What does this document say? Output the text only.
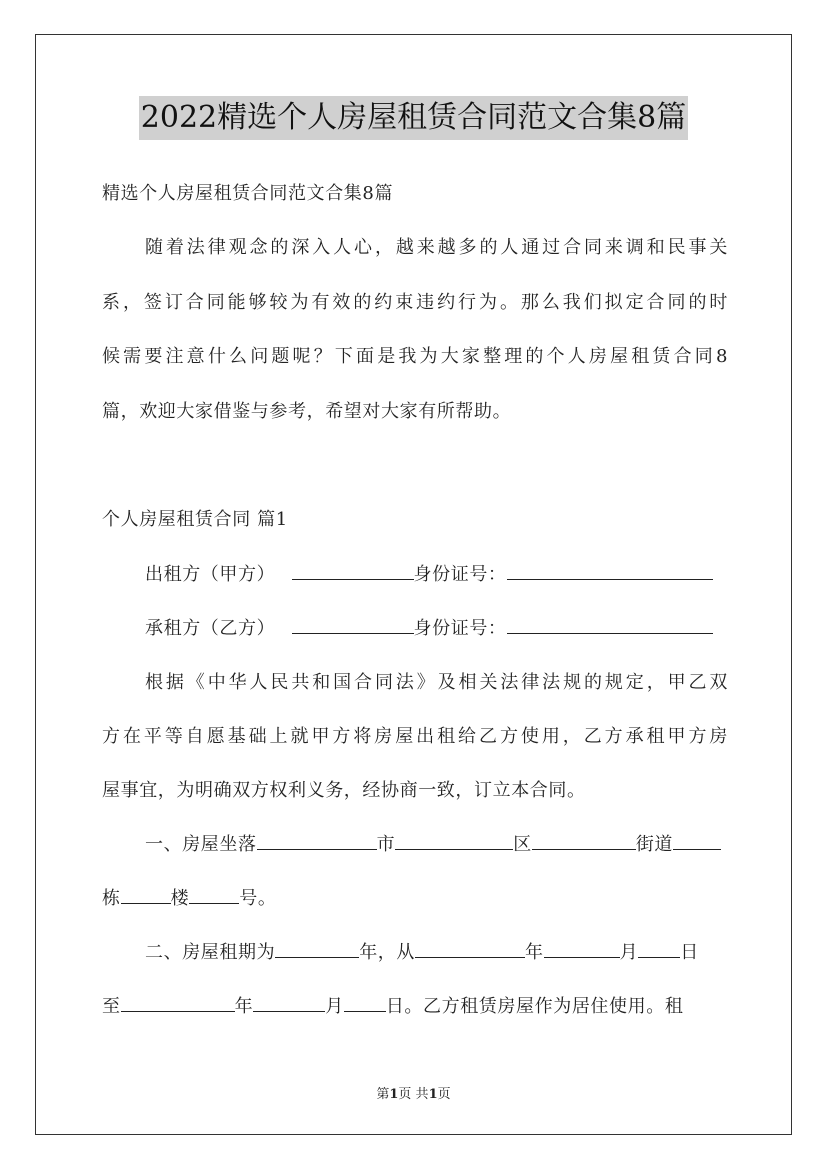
2022精选个人房屋租赁合同范文合集8篇
精选个人房屋租赁合同范文合集8篇
随着法律观念的深入人心，越来越多的人通过合同来调和民事关
系，签订合同能够较为有效的约束违约行为。那么我们拟定合同的时
候需要注意什么问题呢？下面是我为大家整理的个人房屋租赁合同8
篇，欢迎大家借鉴与参考，希望对大家有所帮助。
个人房屋租赁合同 篇1
出租方（甲方）	身份证号：
承租方（乙方）	身份证号：
根据《中华人民共和国合同法》及相关法律法规的规定，甲乙双
方在平等自愿基础上就甲方将房屋出租给乙方使用，乙方承租甲方房
屋事宜，为明确双方权利义务，经协商一致，订立本合同。
一、房屋坐落	市	区	街道
栋	楼	号。
二、房屋租期为	年，从	年	月 日
至	年	月 日。乙方租赁房屋作为居住使用。租
第1页 共1页
